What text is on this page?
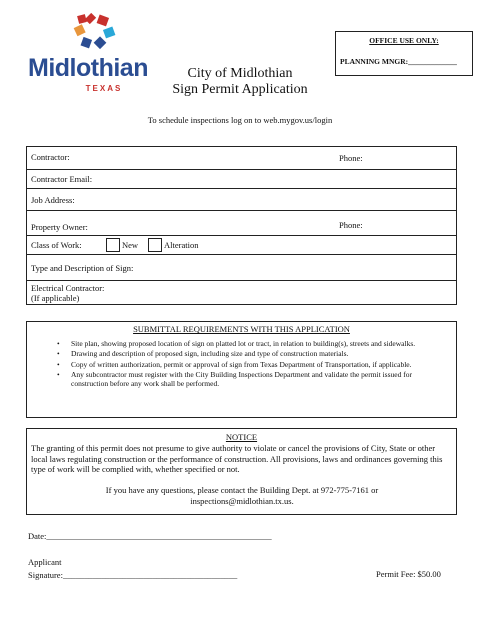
Midlothian
TEXAS
OFFICE USE ONLY:
PLANNING MNGR:_____________
City of Midlothian
Sign Permit Application
To schedule inspections log on to web.mygov.us/login
Contractor:	Phone:
Contractor Email:
Job Address:
Property Owner:	Phone:
Class of Work:	New	Alteration
Type and Description of Sign:
Electrical Contractor:
(If applicable)
SUBMITTAL REQUIREMENTS WITH THIS APPLICATION
• Site plan, showing proposed location of sign on platted lot or tract, in relation to building(s), streets and sidewalks.
• Drawing and description of proposed sign, including size and type of construction materials.
• Copy of written authorization, permit or approval of sign from Texas Department of Transportation, if applicable.
• Any subcontractor must register with the City Building Inspections Department and validate the permit issued for construction before any work shall be performed.
NOTICE
The granting of this permit does not presume to give authority to violate or cancel the provisions of City, State or other local laws regulating construction or the performance of construction. All provisions, laws and ordinances governing this type of work will be complied with, whether specified or not.
If you have any questions, please contact the Building Dept. at 972-775-7161 or
inspections@midlothian.tx.us.
Date:_____________________________________________________
Applicant
Signature:_________________________________________	Permit Fee: $50.00
